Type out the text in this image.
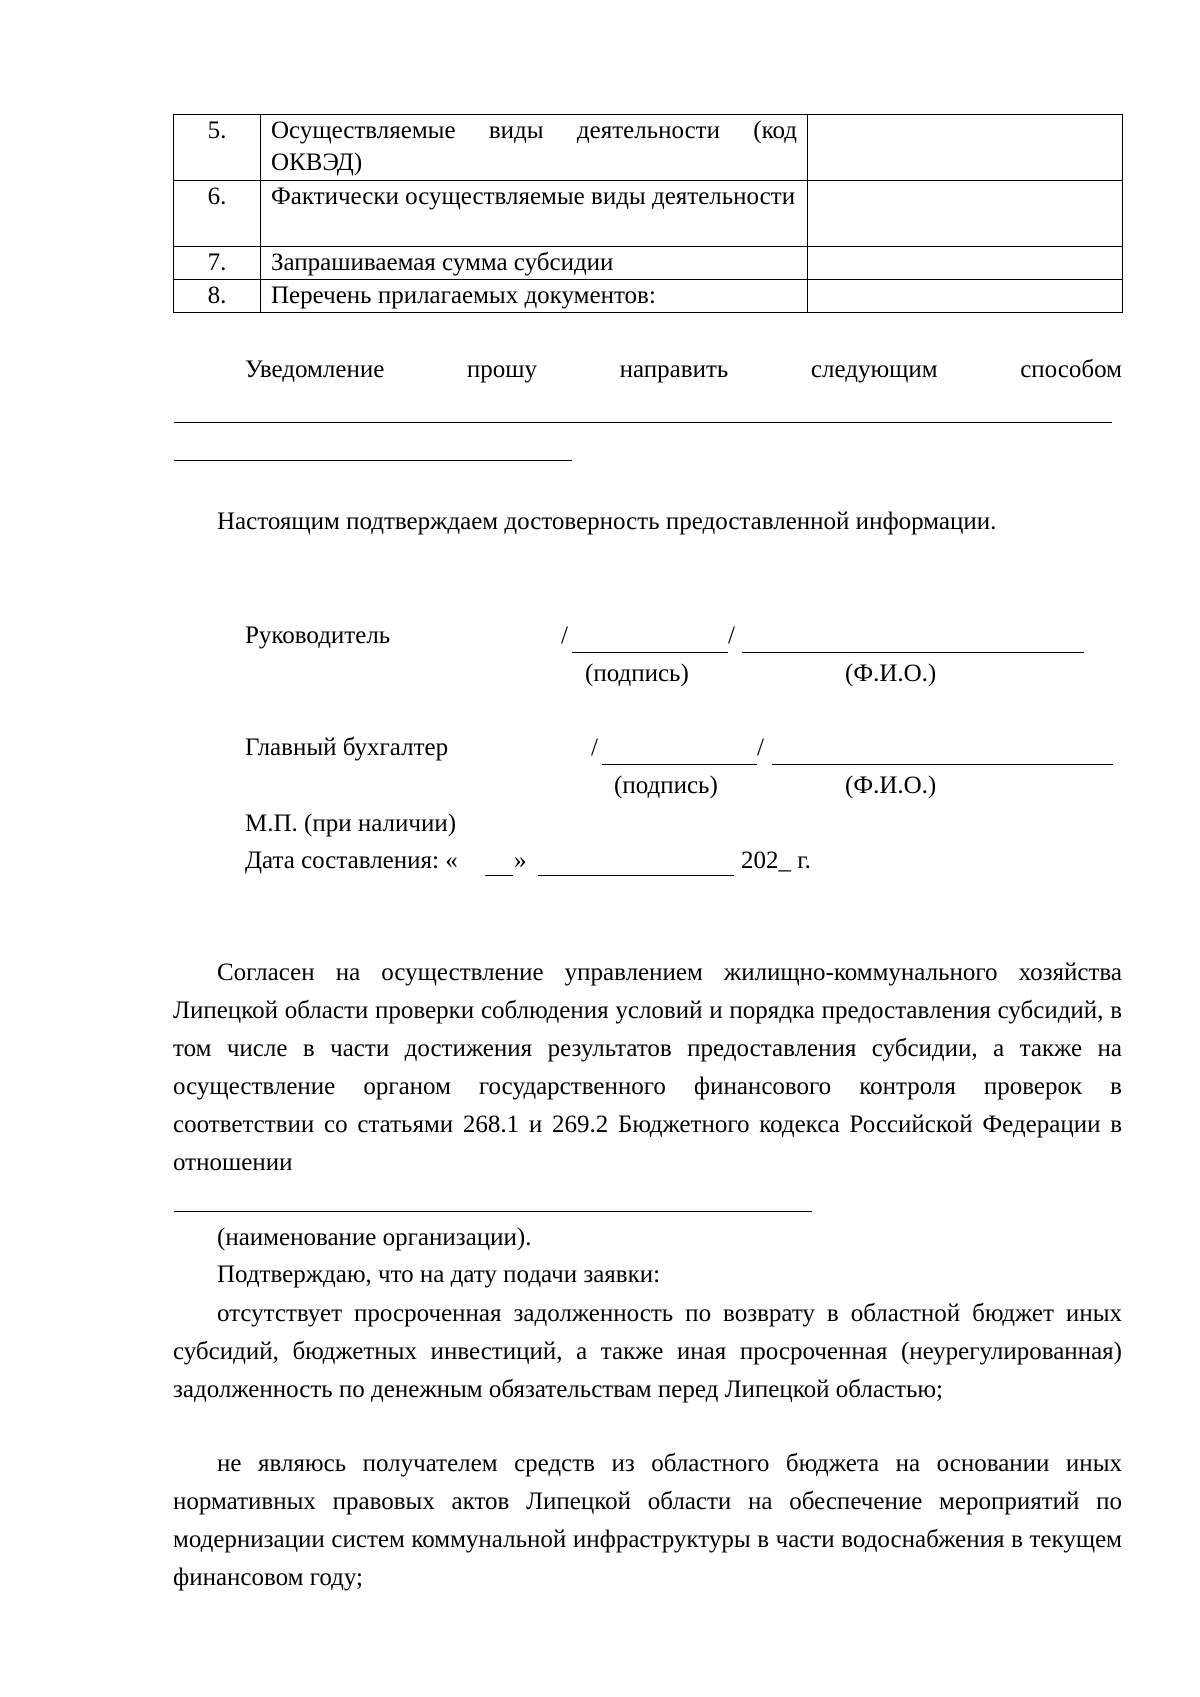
5.	Осуществляемые виды деятельности (код ОКВЭД)	
6.	Фактически осуществляемые виды деятельности	
7.	Запрашиваемая сумма субсидии	
8.	Перечень прилагаемых документов:	
Уведомление	прошу	направить	следующим	способом
Настоящим подтверждаем достоверность предоставленной информации.
Руководитель	/	/
(подпись)	(Ф.И.О.)
Главный бухгалтер	/	/
(подпись)	(Ф.И.О.)
М.П. (при наличии)
Дата составления: « »	202_ г.
Согласен на осуществление управлением жилищно-коммунального хозяйства Липецкой области проверки соблюдения условий и порядка предоставления субсидий, в том числе в части достижения результатов предоставления субсидии, а также на осуществление органом государственного финансового контроля проверок в соответствии со статьями 268.1 и 269.2 Бюджетного кодекса Российской Федерации в отношении
(наименование организации).
Подтверждаю, что на дату подачи заявки:
отсутствует просроченная задолженность по возврату в областной бюджет иных субсидий, бюджетных инвестиций, а также иная просроченная (неурегулированная) задолженность по денежным обязательствам перед Липецкой областью;
не являюсь получателем средств из областного бюджета на основании иных нормативных правовых актов Липецкой области на обеспечение мероприятий по модернизации систем коммунальной инфраструктуры в части водоснабжения в текущем финансовом году;
